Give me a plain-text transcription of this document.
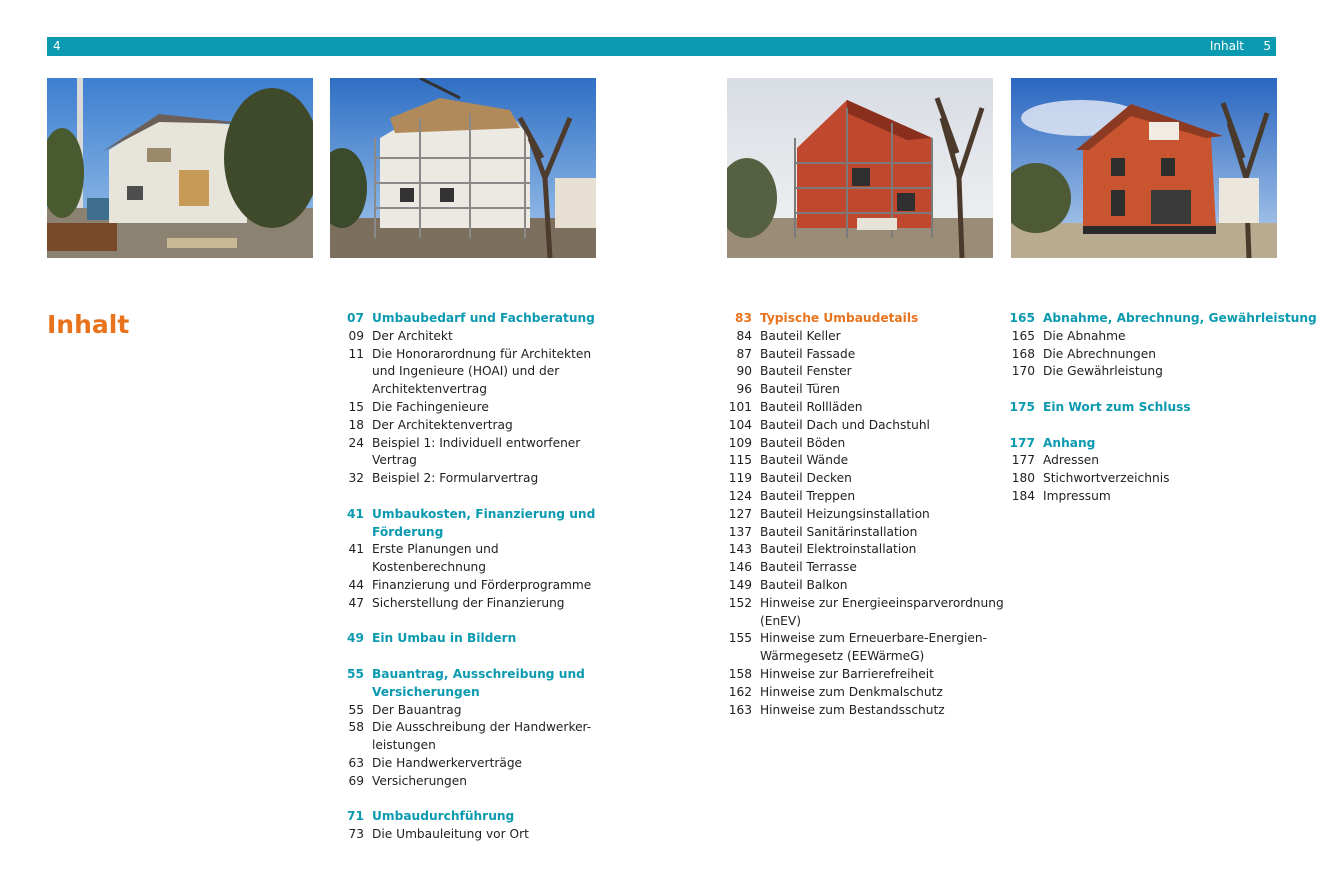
4	Inhalt 5
Inhalt	07 Umbaubedarf und Fachberatung
09 Der Architekt
11 Die Honorarordnung für Architekten und Ingenieure (HOAI) und der Architektenvertrag
15 Die Fachingenieure
18 Der Architektenvertrag
24 Beispiel 1: Individuell entworfener Vertrag
32 Beispiel 2: Formularvertrag
41 Umbaukosten, Finanzierung und Förderung
41 Erste Planungen und Kostenberechnung
44 Finanzierung und Förderprogramme
47 Sicherstellung der Finanzierung
49 Ein Umbau in Bildern
55 Bauantrag, Ausschreibung und Versicherungen
55 Der Bauantrag
58 Die Ausschreibung der Handwerker-leistungen
63 Die Handwerkerverträge
69 Versicherungen
71 Umbaudurchführung
73 Die Umbauleitung vor Ort
83 Typische Umbaudetails
84 Bauteil Keller
87 Bauteil Fassade
90 Bauteil Fenster
96 Bauteil Türen
101 Bauteil Rollläden
104 Bauteil Dach und Dachstuhl
109 Bauteil Böden
115 Bauteil Wände
119 Bauteil Decken
124 Bauteil Treppen
127 Bauteil Heizungsinstallation
137 Bauteil Sanitärinstallation
143 Bauteil Elektroinstallation
146 Bauteil Terrasse
149 Bauteil Balkon
152 Hinweise zur Energieeinsparverordnung (EnEV)
155 Hinweise zum Erneuerbare-Energien-Wärmegesetz (EEWärmeG)
158 Hinweise zur Barrierefreiheit
162 Hinweise zum Denkmalschutz
163 Hinweise zum Bestandsschutz
165 Abnahme, Abrechnung, Gewährleistung
165 Die Abnahme
168 Die Abrechnungen
170 Die Gewährleistung
175 Ein Wort zum Schluss
177 Anhang
177 Adressen
180 Stichwortverzeichnis
184 Impressum
